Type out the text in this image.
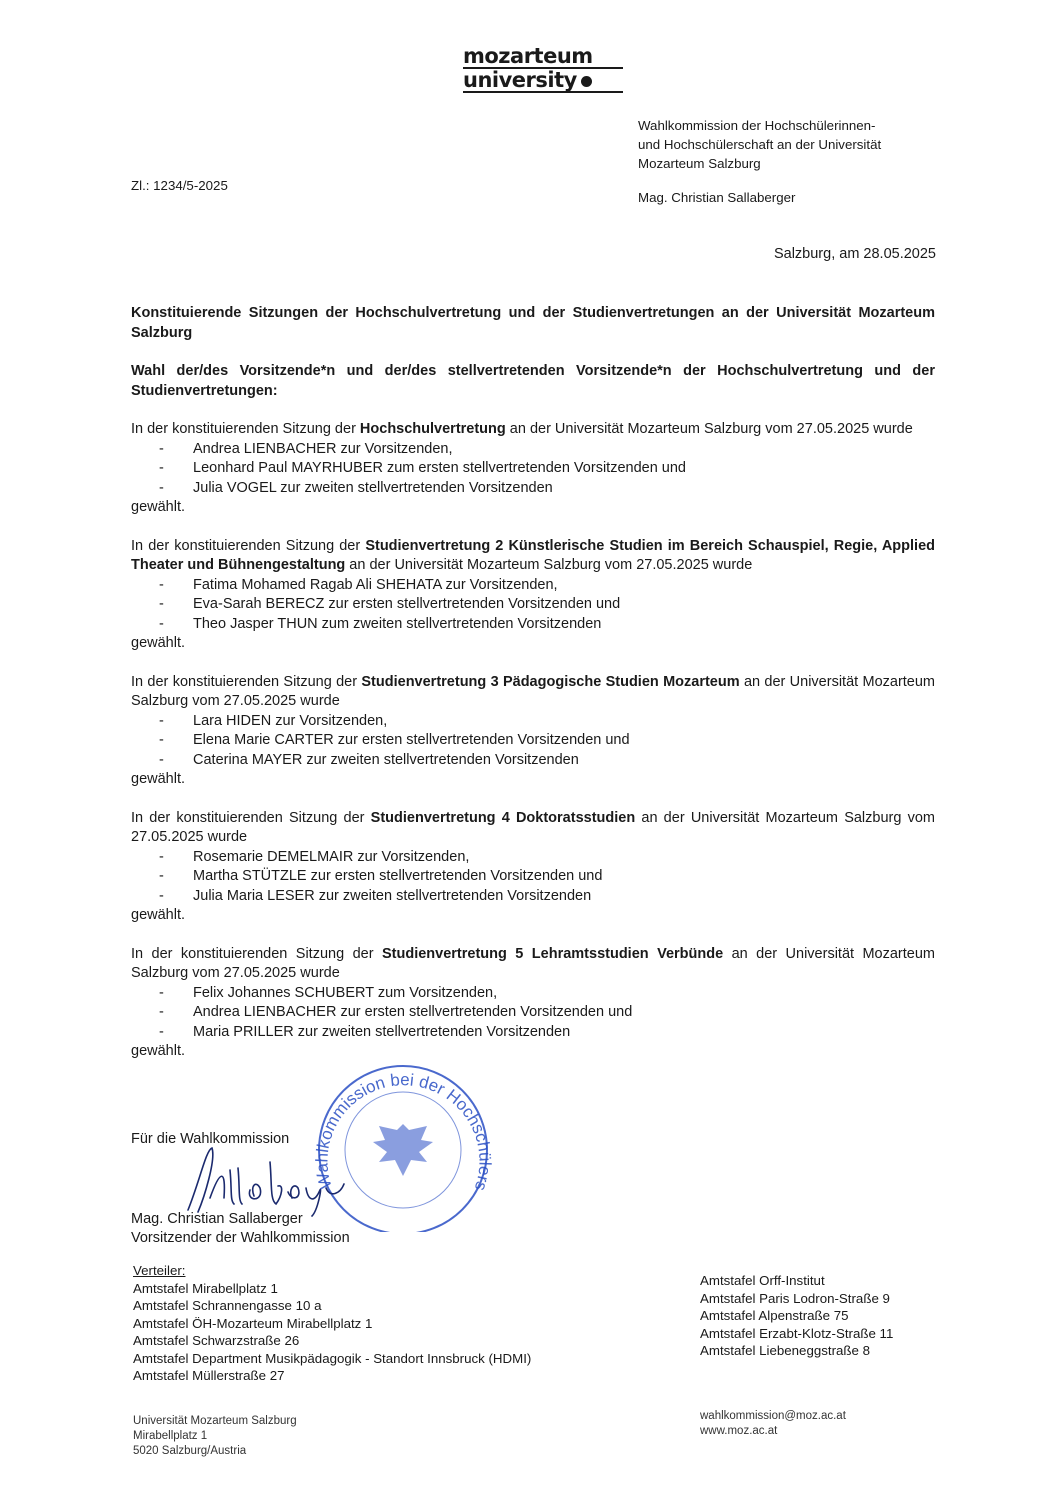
mozarteum
university
Wahlkommission der Hochschülerinnen-
und Hochschülerschaft an der Universität
Mozarteum Salzburg
Mag. Christian Sallaberger
Zl.: 1234/5-2025
Salzburg, am 28.05.2025

Konstituierende Sitzungen der Hochschulvertretung und der Studienvertretungen an der Universität Mozarteum Salzburg

Wahl der/des Vorsitzende*n und der/des stellvertretenden Vorsitzende*n der Hochschulvertretung und der Studienvertretungen:

In der konstituierenden Sitzung der Hochschulvertretung an der Universität Mozarteum Salzburg vom 27.05.2025 wurde

- Andrea LIENBACHER zur Vorsitzenden,
- Leonhard Paul MAYRHUBER zum ersten stellvertretenden Vorsitzenden und
- Julia VOGEL zur zweiten stellvertretenden Vorsitzenden

gewählt.

In der konstituierenden Sitzung der Studienvertretung 2 Künstlerische Studien im Bereich Schauspiel, Regie, Applied Theater und Bühnengestaltung an der Universität Mozarteum Salzburg vom 27.05.2025 wurde

- Fatima Mohamed Ragab Ali SHEHATA zur Vorsitzenden,
- Eva-Sarah BERECZ zur ersten stellvertretenden Vorsitzenden und
- Theo Jasper THUN zum zweiten stellvertretenden Vorsitzenden

gewählt.

In der konstituierenden Sitzung der Studienvertretung 3 Pädagogische Studien Mozarteum an der Universität Mozarteum Salzburg vom 27.05.2025 wurde

- Lara HIDEN zur Vorsitzenden,
- Elena Marie CARTER zur ersten stellvertretenden Vorsitzenden und
- Caterina MAYER zur zweiten stellvertretenden Vorsitzenden

gewählt.

In der konstituierenden Sitzung der Studienvertretung 4 Doktoratsstudien an der Universität Mozarteum Salzburg vom 27.05.2025 wurde

- Rosemarie DEMELMAIR zur Vorsitzenden,
- Martha STÜTZLE zur ersten stellvertretenden Vorsitzenden und
- Julia Maria LESER zur zweiten stellvertretenden Vorsitzenden

gewählt.

In der konstituierenden Sitzung der Studienvertretung 5 Lehramtsstudien Verbünde an der Universität Mozarteum Salzburg vom 27.05.2025 wurde

- Felix Johannes SCHUBERT zum Vorsitzenden,
- Andrea LIENBACHER zur ersten stellvertretenden Vorsitzenden und
- Maria PRILLER zur zweiten stellvertretenden Vorsitzenden

gewählt.

Für die Wahlkommission
Wahlkommission bei der Hochschülers
Mag. Christian Sallaberger
Vorsitzender der Wahlkommission
Verteiler:
Amtstafel Mirabellplatz 1
Amtstafel Schrannengasse 10 a
Amtstafel ÖH-Mozarteum Mirabellplatz 1
Amtstafel Schwarzstraße 26
Amtstafel Department Musikpädagogik - Standort Innsbruck (HDMI)
Amtstafel Müllerstraße 27
Amtstafel Orff-Institut
Amtstafel Paris Lodron-Straße 9
Amtstafel Alpenstraße 75
Amtstafel Erzabt-Klotz-Straße 11
Amtstafel Liebeneggstraße 8
Universität Mozarteum Salzburg
Mirabellplatz 1
5020 Salzburg/Austria
wahlkommission@moz.ac.at
www.moz.ac.at
